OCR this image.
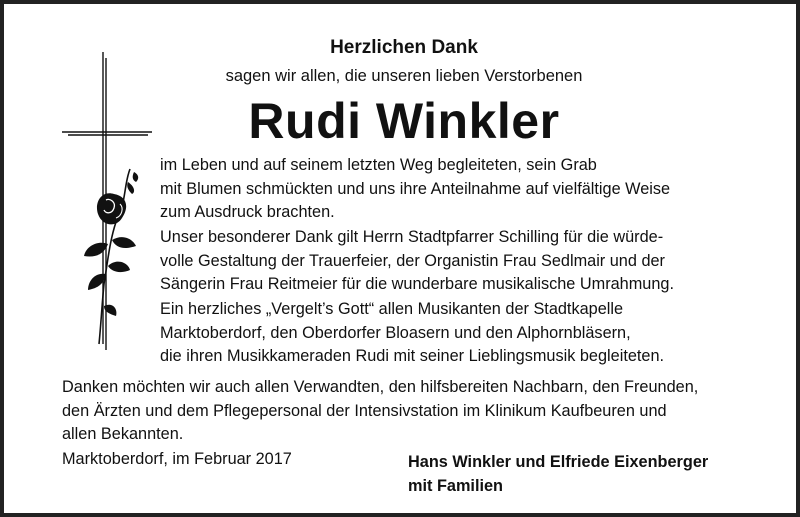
Herzlichen Dank

sagen wir allen, die unseren lieben Verstorbenen

Rudi Winkler

im Leben und auf seinem letzten Weg begleiteten, sein Grab
mit Blumen schmückten und uns ihre Anteilnahme auf vielfältige Weise
zum Ausdruck brachten.
Unser besonderer Dank gilt Herrn Stadtpfarrer Schilling für die würde-
volle Gestaltung der Trauerfeier, der Organistin Frau Sedlmair und der
Sängerin Frau Reitmeier für die wunderbare musikalische Umrahmung.
Ein herzliches „Vergelt’s Gott“ allen Musikanten der Stadtkapelle
Marktoberdorf, den Oberdorfer Bloasern und den Alphornbläsern,
die ihren Musikkameraden Rudi mit seiner Lieblingsmusik begleiteten.
Danken möchten wir auch allen Verwandten, den hilfsbereiten Nachbarn, den Freunden,
den Ärzten und dem Pflegepersonal der Intensivstation im Klinikum Kaufbeuren und
allen Bekannten.

Marktoberdorf, im Februar 2017	Hans Winkler und Elfriede Eixenberger
mit Familien
